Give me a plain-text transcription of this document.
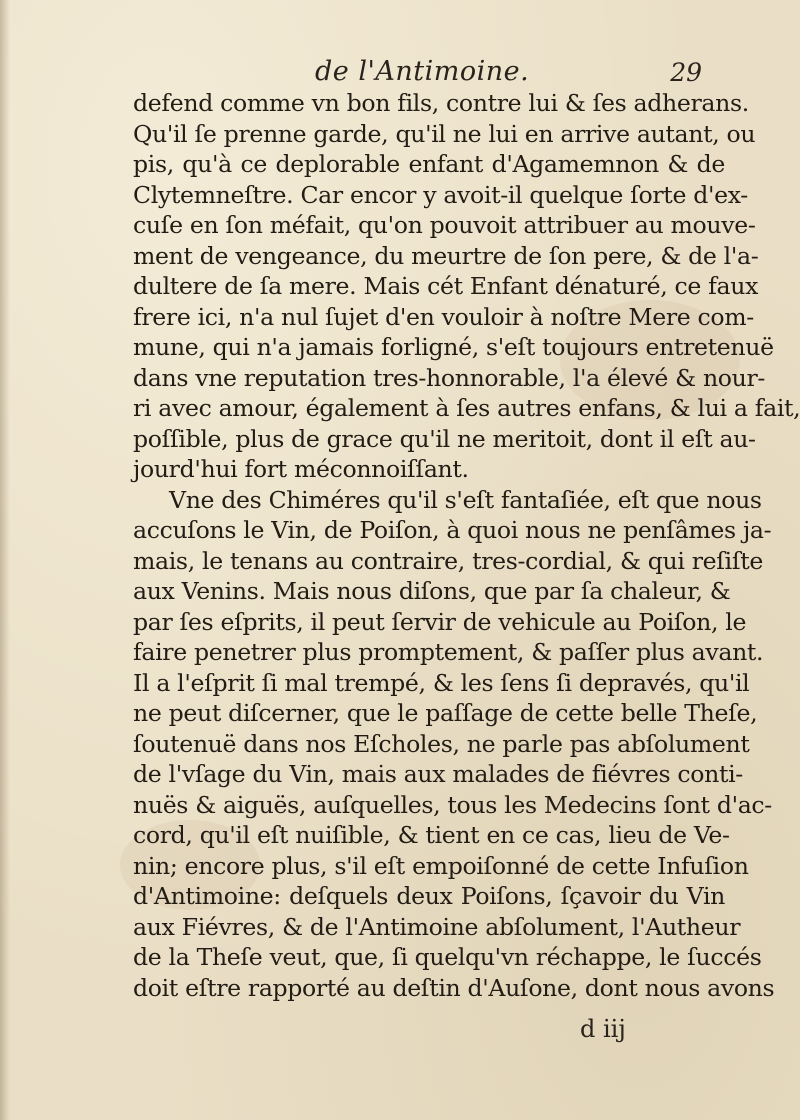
de l'Antimoine.	29
defend comme vn bon fils, contre lui & ſes adherans.
Qu'il ſe prenne garde, qu'il ne lui en arrive autant, ou
pis, qu'à ce deplorable enfant d'Agamemnon & de
Clytemneſtre. Car encor y avoit-il quelque ſorte d'ex-
cuſe en ſon méfait, qu'on pouvoit attribuer au mouve-
ment de vengeance, du meurtre de ſon pere, & de l'a-
dultere de ſa mere. Mais cét Enfant dénaturé, ce faux
frere ici, n'a nul ſujet d'en vouloir à noſtre Mere com-
mune, qui n'a jamais forligné, s'eſt toujours entretenuë
dans vne reputation tres-honnorable, l'a élevé & nour-
ri avec amour, également à ſes autres enfans, & lui a fait,
poſſible, plus de grace qu'il ne meritoit, dont il eſt au-
jourd'hui fort méconnoiſſant.
Vne des Chiméres qu'il s'eſt fantaſiée, eſt que nous
accuſons le Vin, de Poiſon, à quoi nous ne penſâmes ja-
mais, le tenans au contraire, tres-cordial, & qui reſiſte
aux Venins. Mais nous diſons, que par ſa chaleur, &
par ſes eſprits, il peut ſervir de vehicule au Poiſon, le
faire penetrer plus promptement, & paſſer plus avant.
Il a l'eſprit ſi mal trempé, & les ſens ſi depravés, qu'il
ne peut diſcerner, que le paſſage de cette belle Theſe,
ſoutenuë dans nos Eſcholes, ne parle pas abſolument
de l'vſage du Vin, mais aux malades de fiévres conti-
nuës & aiguës, auſquelles, tous les Medecins ſont d'ac-
cord, qu'il eſt nuiſible, & tient en ce cas, lieu de Ve-
nin; encore plus, s'il eſt empoiſonné de cette Infuſion
d'Antimoine: deſquels deux Poiſons, ſçavoir du Vin
aux Fiévres, & de l'Antimoine abſolument, l'Autheur
de la Theſe veut, que, ſi quelqu'vn réchappe, le ſuccés
doit eſtre rapporté au deſtin d'Auſone, dont nous avons
d iij
